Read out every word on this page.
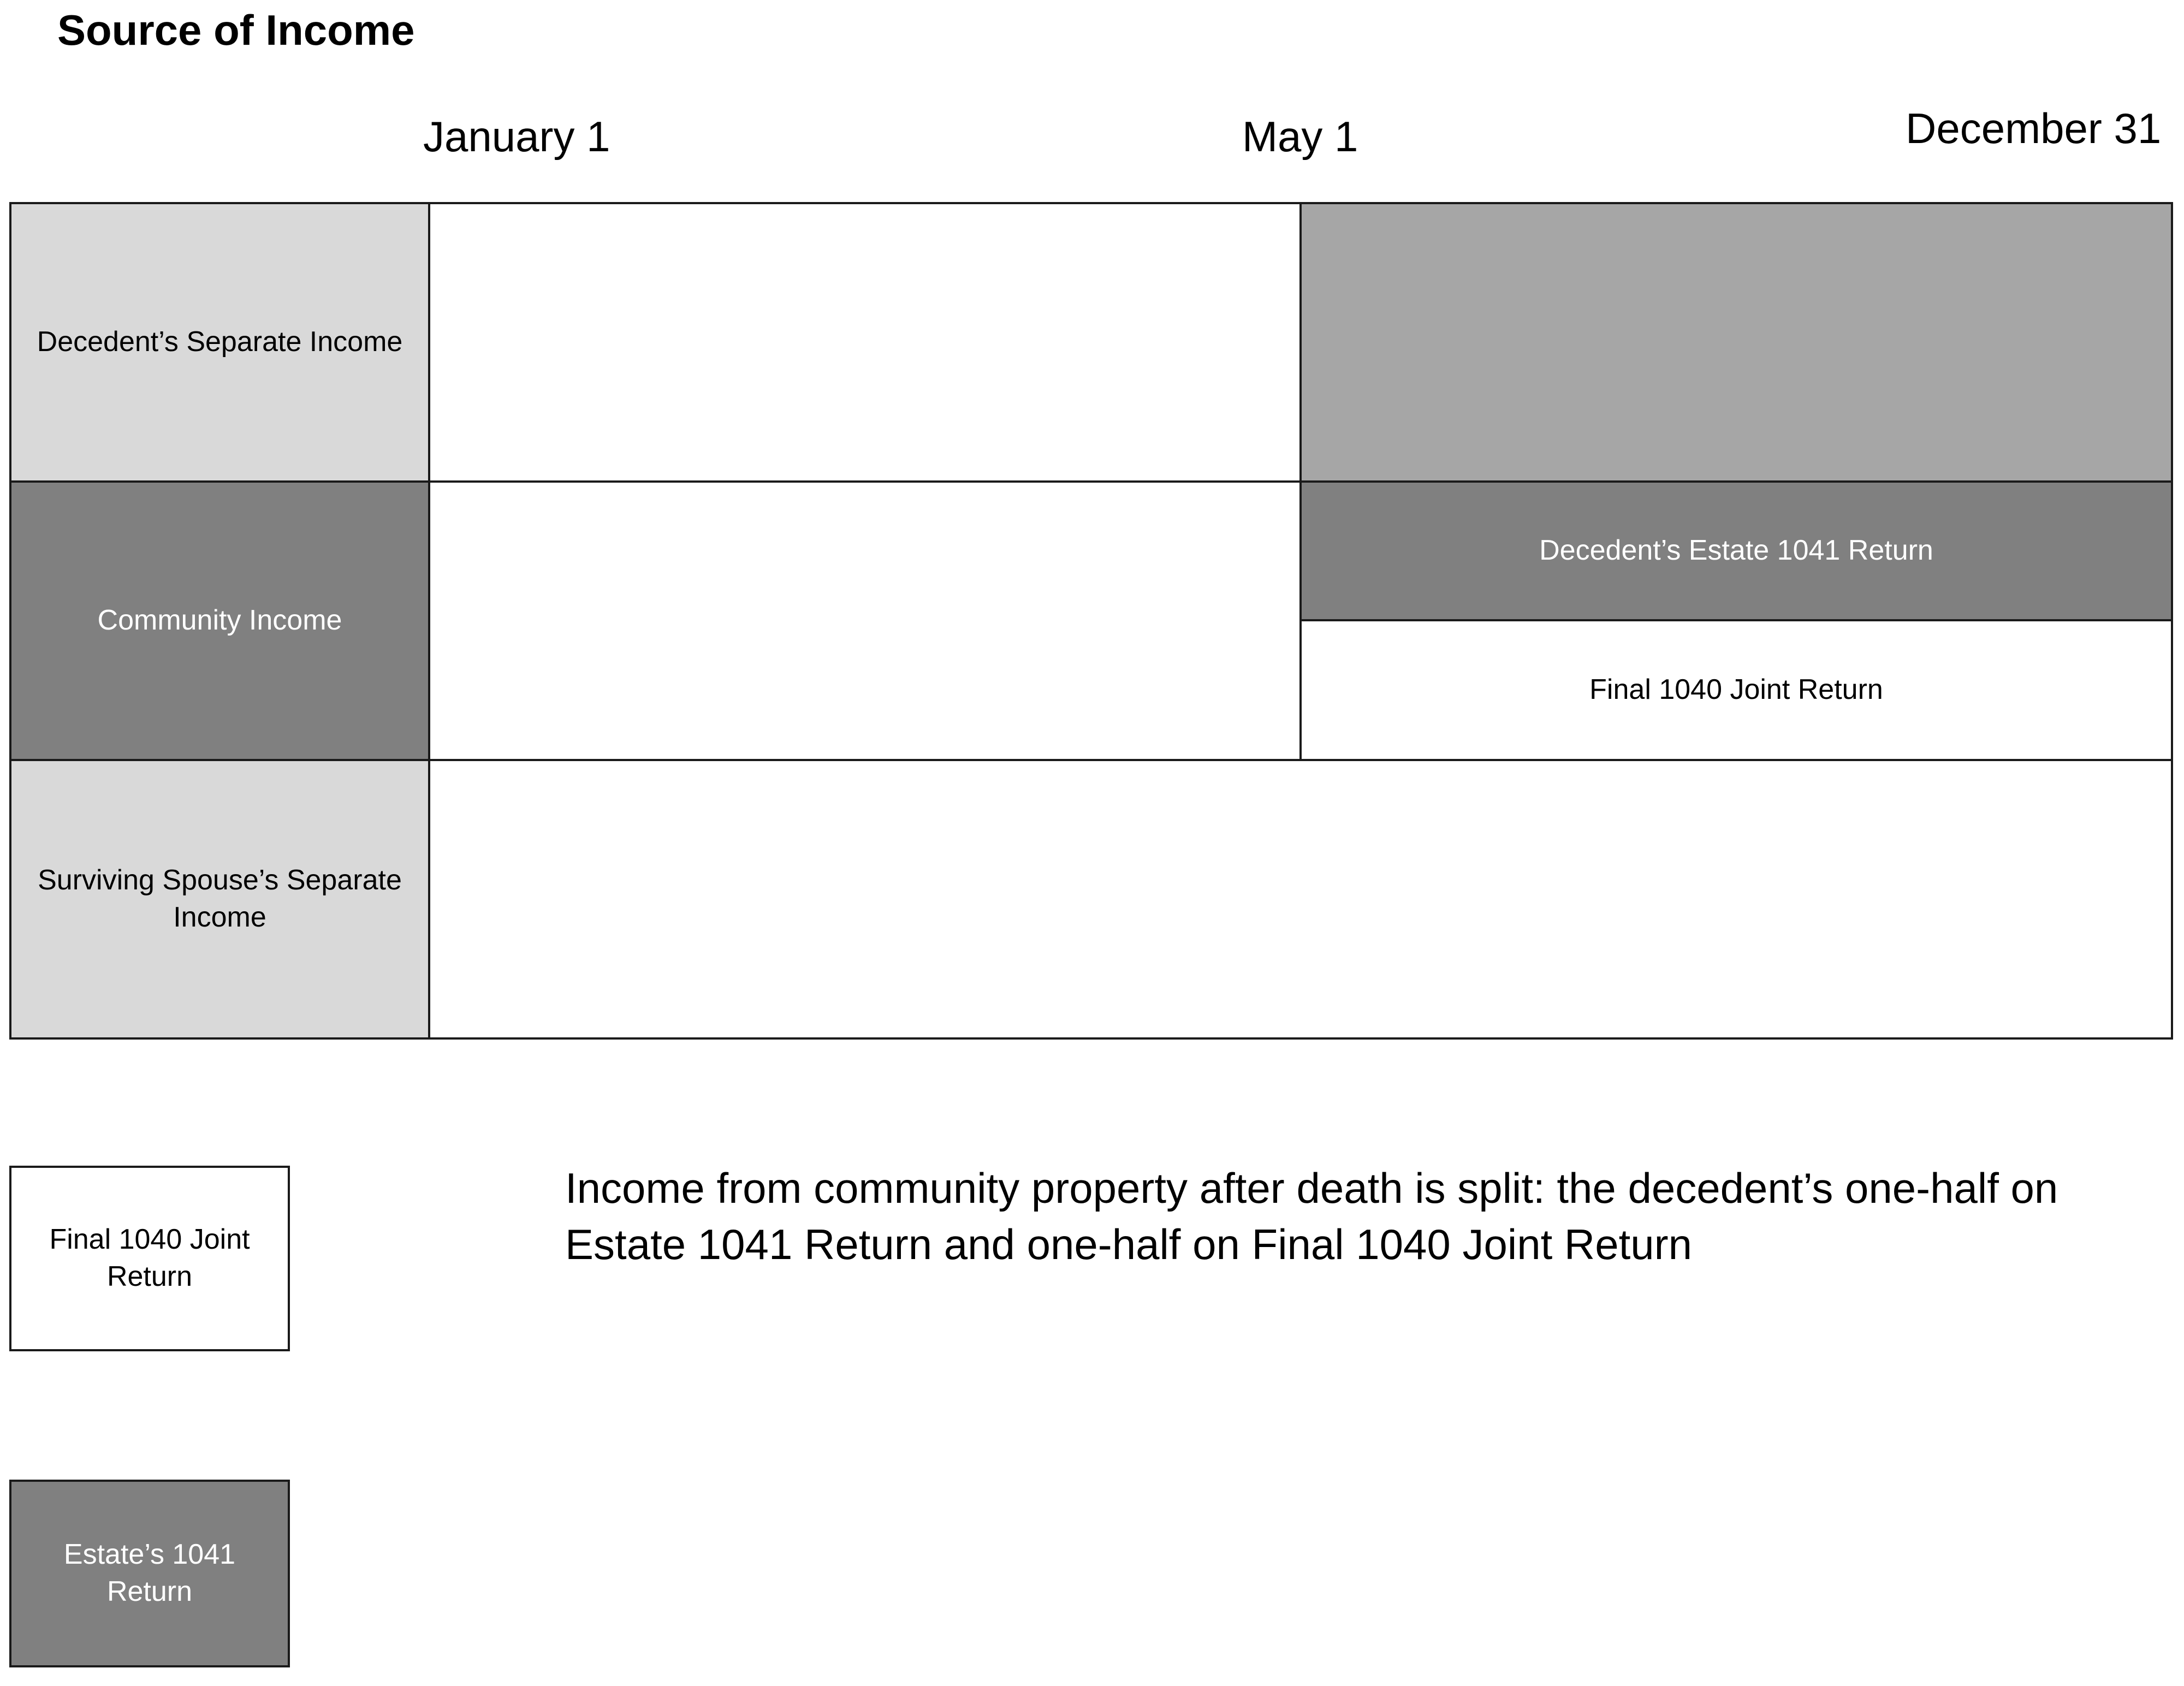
Source of Income
January 1	May 1	December 31
Decedent’s Separate Income
Community Income
Decedent’s Estate 1041 Return
Final 1040 Joint Return
Surviving Spouse’s Separate Income
Final 1040 Joint Return
Estate’s 1041 Return
Income from community property after death is split: the decedent’s one-half on Estate 1041 Return and one-half on Final 1040 Joint Return
